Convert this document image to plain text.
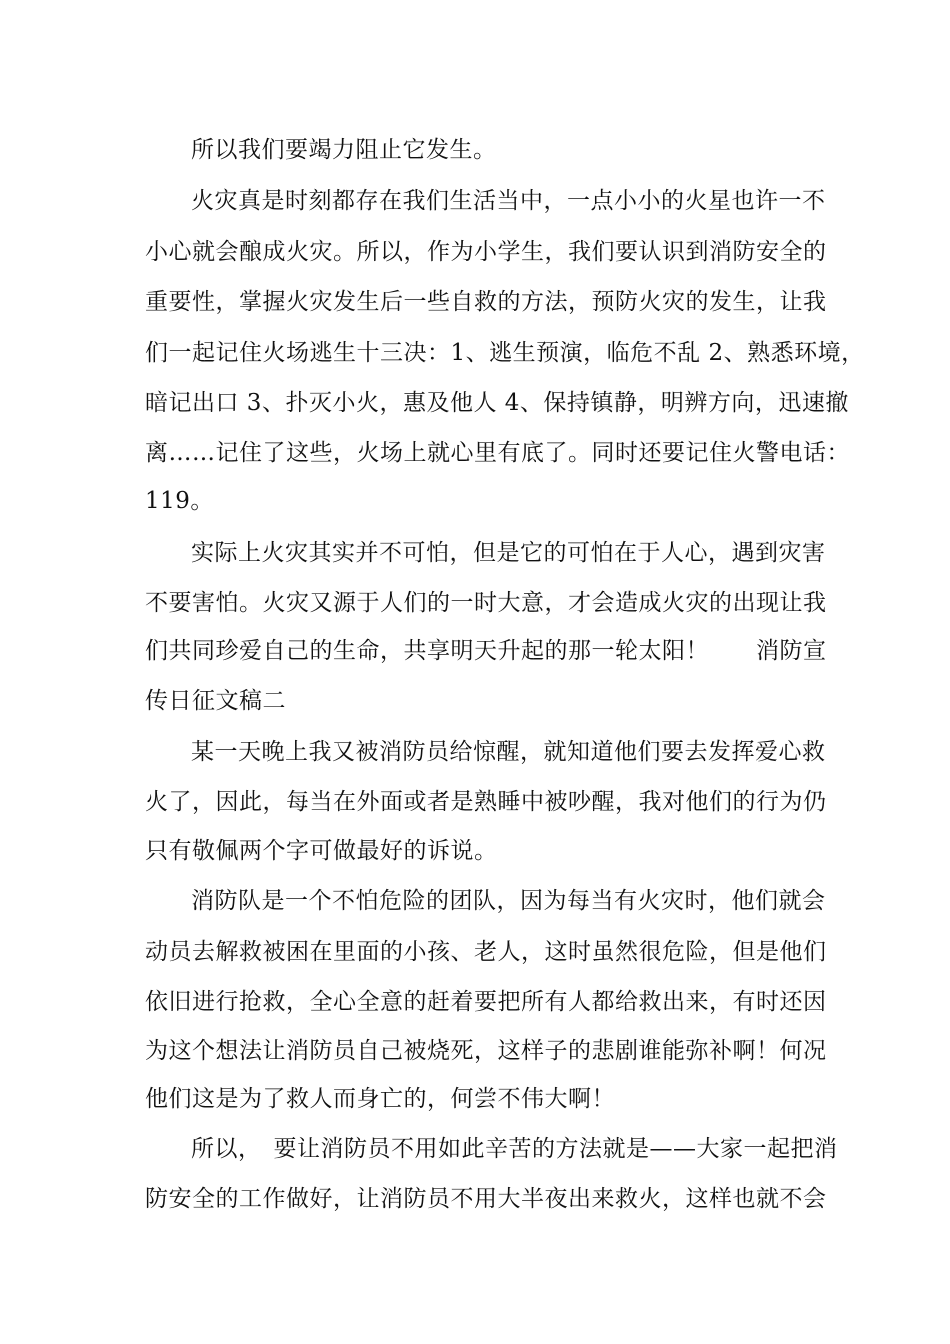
所以我们要竭力阻止它发生。
火灾真是时刻都存在我们生活当中，一点小小的火星也许一不
小心就会酿成火灾。所以，作为小学生，我们要认识到消防安全的
重要性，掌握火灾发生后一些自救的方法，预防火灾的发生，让我
们一起记住火场逃生十三决：1、逃生预演，临危不乱 2、熟悉环境，
暗记出口 3、扑灭小火，惠及他人 4、保持镇静，明辨方向，迅速撤
离……记住了这些，火场上就心里有底了。同时还要记住火警电话：
119。
实际上火灾其实并不可怕，但是它的可怕在于人心，遇到灾害
不要害怕。火灾又源于人们的一时大意，才会造成火灾的出现让我
们共同珍爱自己的生命，共享明天升起的那一轮太阳！　　消防宣
传日征文稿二
某一天晚上我又被消防员给惊醒，就知道他们要去发挥爱心救
火了，因此，每当在外面或者是熟睡中被吵醒，我对他们的行为仍
只有敬佩两个字可做最好的诉说。
消防队是一个不怕危险的团队，因为每当有火灾时，他们就会
动员去解救被困在里面的小孩、老人，这时虽然很危险，但是他们
依旧进行抢救，全心全意的赶着要把所有人都给救出来，有时还因
为这个想法让消防员自己被烧死，这样子的悲剧谁能弥补啊！何况
他们这是为了救人而身亡的，何尝不伟大啊！
所以，　要让消防员不用如此辛苦的方法就是——大家一起把消
防安全的工作做好，让消防员不用大半夜出来救火，这样也就不会
